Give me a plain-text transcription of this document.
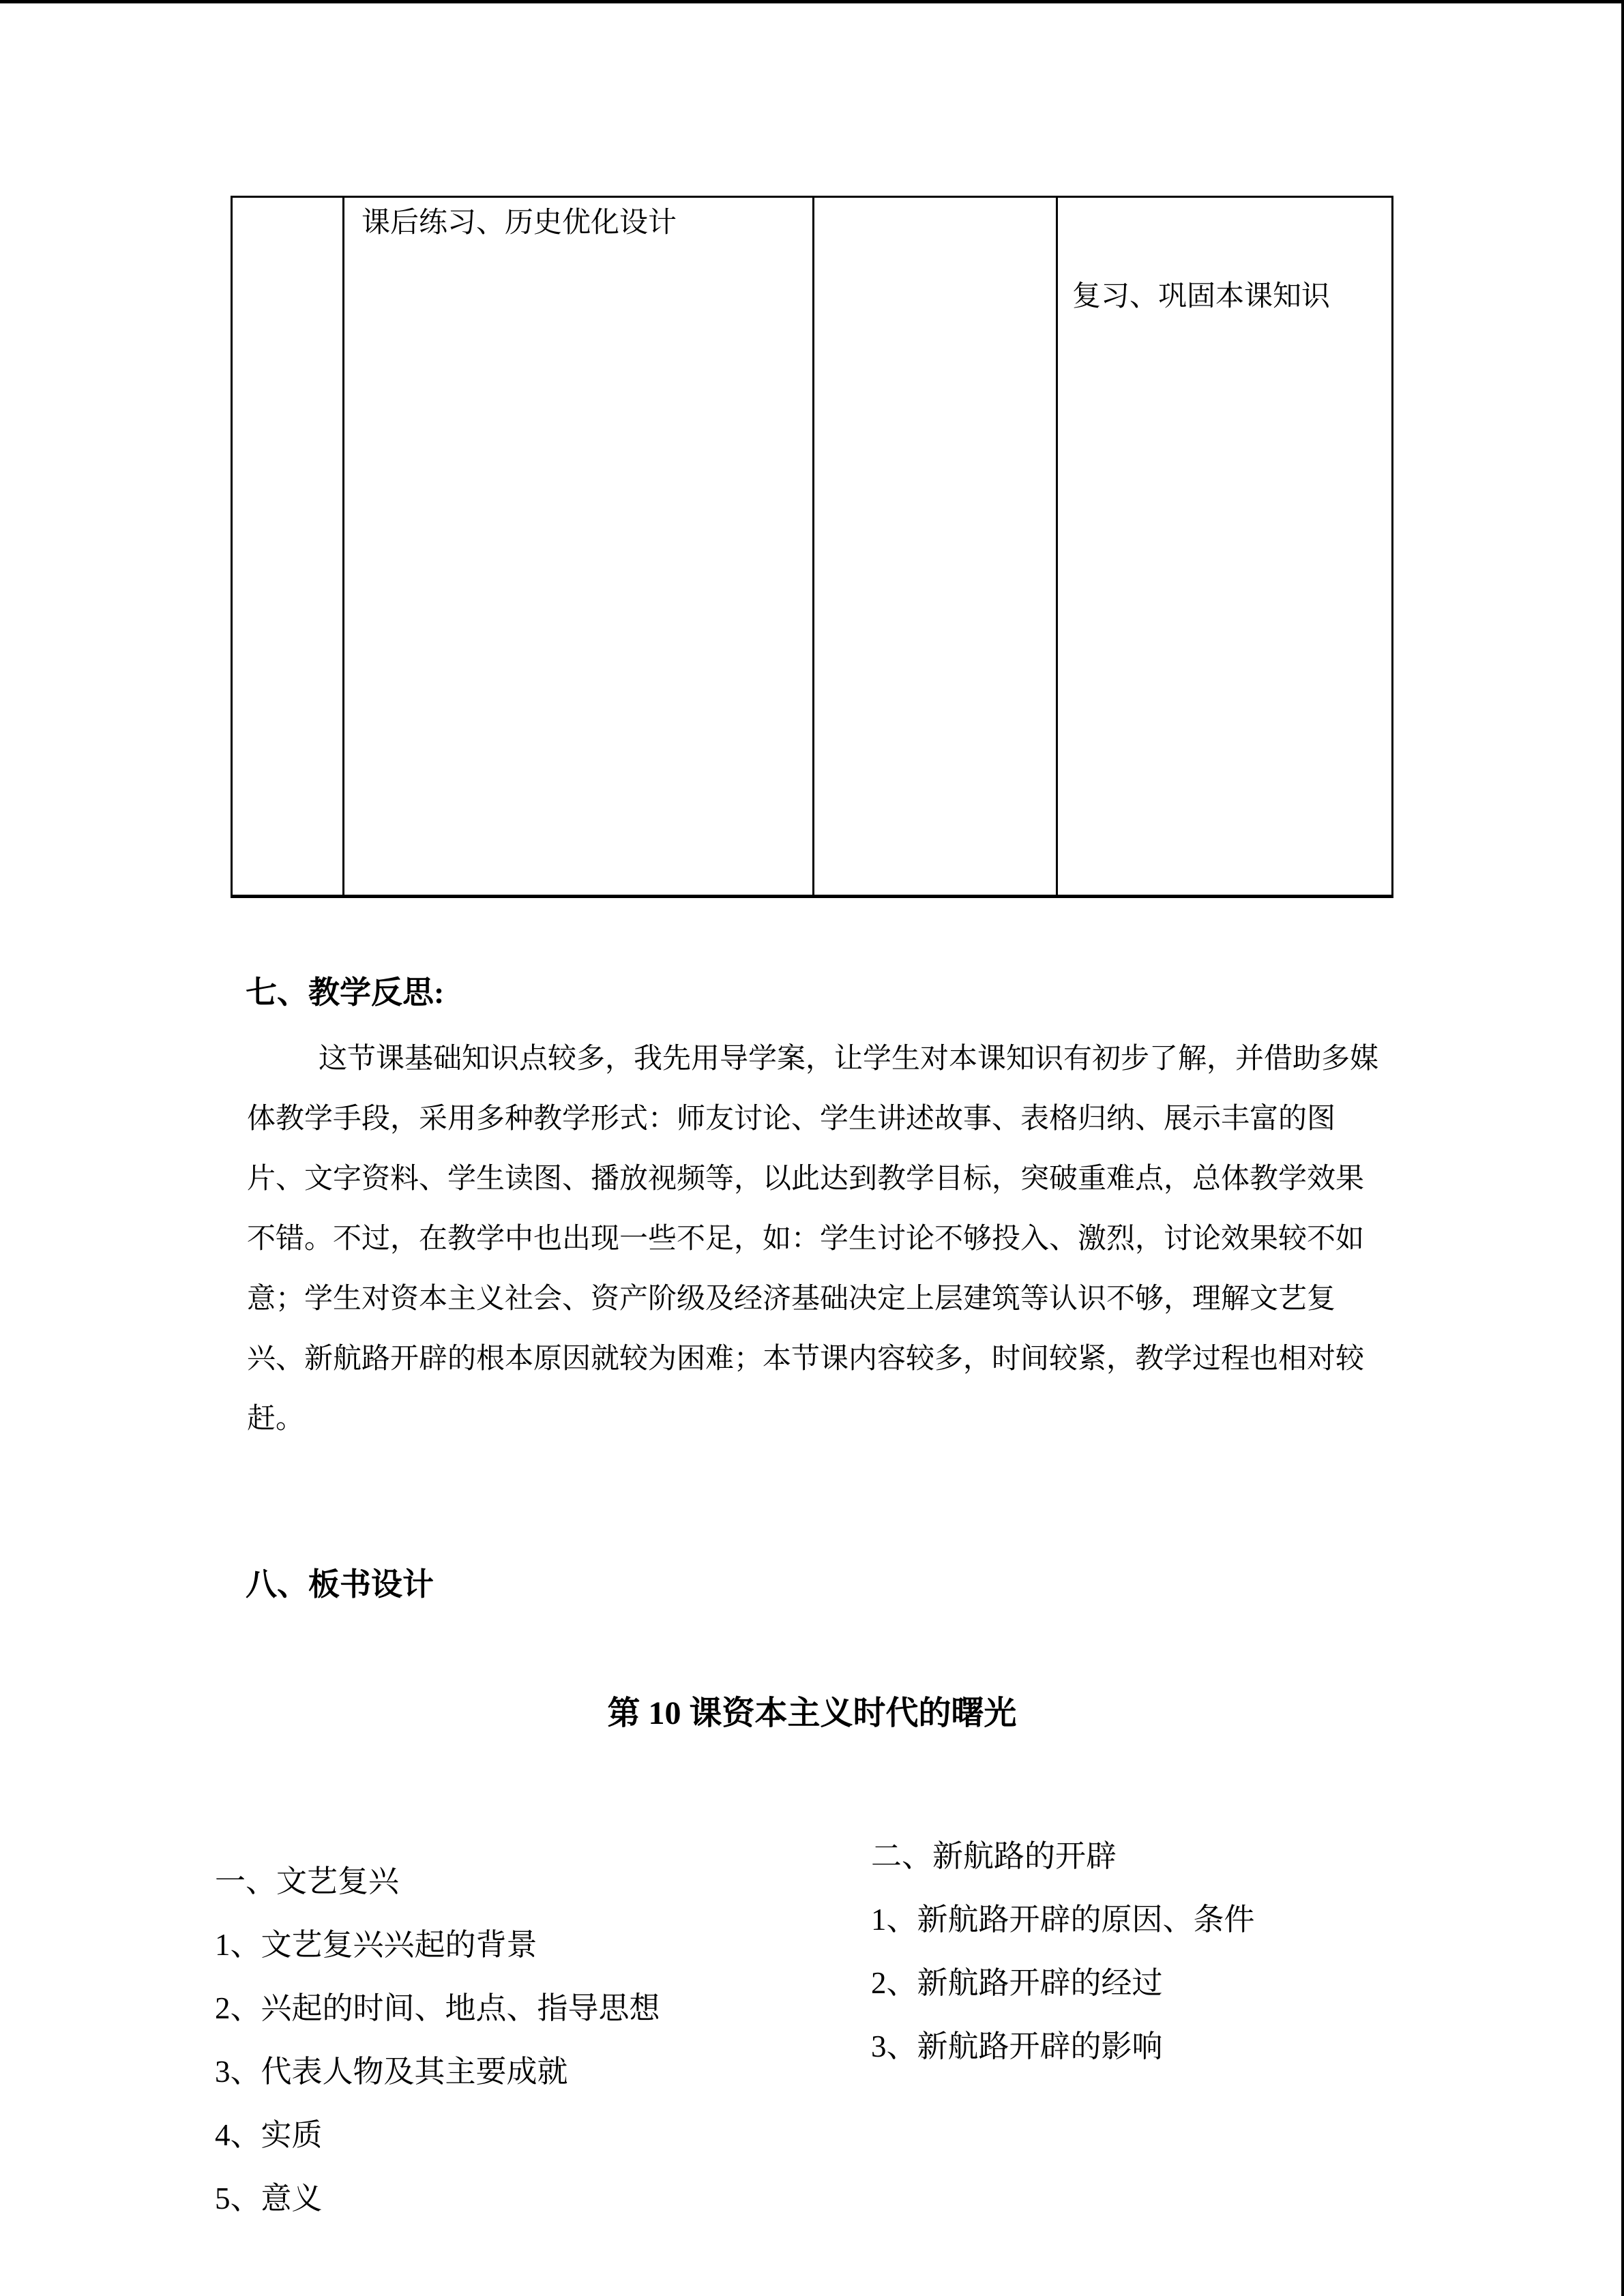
课后练习、历史优化设计
复习、巩固本课知识
七、教学反思:
这节课基础知识点较多，我先用导学案，让学生对本课知识有初步了解，并借助多媒
体教学手段，采用多种教学形式：师友讨论、学生讲述故事、表格归纳、展示丰富的图
片、文字资料、学生读图、播放视频等，以此达到教学目标，突破重难点，总体教学效果
不错。不过，在教学中也出现一些不足，如：学生讨论不够投入、激烈，讨论效果较不如
意；学生对资本主义社会、资产阶级及经济基础决定上层建筑等认识不够，理解文艺复
兴、新航路开辟的根本原因就较为困难；本节课内容较多，时间较紧，教学过程也相对较
赶。
八、板书设计
第 10 课资本主义时代的曙光
一、文艺复兴
1、文艺复兴兴起的背景
2、兴起的时间、地点、指导思想
3、代表人物及其主要成就
4、实质
5、意义
二、新航路的开辟
1、新航路开辟的原因、条件
2、新航路开辟的经过
3、新航路开辟的影响
